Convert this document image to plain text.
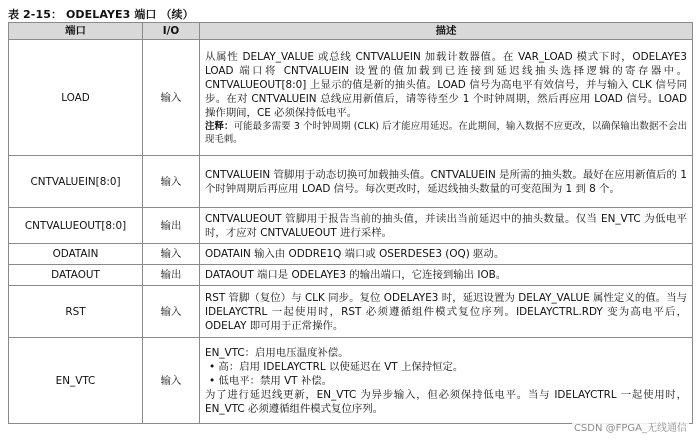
表 2-15： ODELAYE3 端口 （续）
端口	I/O	描述
LOAD	输入	从属性 DELAY_VALUE 或总线 CNTVALUEIN 加载计数器值。在 VAR_LOAD 模式下时，ODELAYE3 LOAD 端口将 CNTVALUEIN 设置的值加载到已连接到延迟线抽头选择逻辑的寄存器中。CNTVALUEOUT[8:0] 上显示的值是新的抽头值。LOAD 信号为高电平有效信号，并与输入 CLK 信号同步。在对 CNTVALUEIN 总线应用新值后，请等待至少 1 个时钟周期，然后再应用 LOAD 信号。LOAD 操作期间，CE 必须保持低电平。
注释：可能最多需要 3 个时钟周期 (CLK) 后才能应用延迟。在此期间，输入数据不应更改，以确保输出数据不会出现毛刺。

CNTVALUEIN[8:0]	输入	CNTVALUEIN 管脚用于动态切换可加载抽头值。CNTVALUEIN 是所需的抽头数。最好在应用新值后的 1 个时钟周期后再应用 LOAD 信号。每次更改时，延迟线抽头数量的可变范围为 1 到 8 个。
CNTVALUEOUT[8:0]	输出	CNTVALUEOUT 管脚用于报告当前的抽头值，并读出当前延迟中的抽头数量。仅当 EN_VTC 为低电平时，才应对 CNTVALUEOUT 进行采样。
ODATAIN	输入	ODATAIN 输入由 ODDRE1Q 端口或 OSERDESE3 (OQ) 驱动。
DATAOUT	输出	DATAOUT 端口是 ODELAYE3 的输出端口，它连接到输出 IOB。
RST	输入	RST 管脚（复位）与 CLK 同步。复位 ODELAYE3 时，延迟设置为 DELAY_VALUE 属性定义的值。当与 IDELAYCTRL 一起使用时，RST 必须遵循组件模式复位序列。IDELAYCTRL.RDY 变为高电平后，ODELAY 即可用于正常操作。
EN_VTC	输入	EN_VTC：启用电压温度补偿。
• 高：启用 IDELAYCTRL 以使延迟在 VT 上保持恒定。
• 低电平：禁用 VT 补偿。
为了进行延迟线更新，EN_VTC 为异步输入，但必须保持低电平。当与 IDELAYCTRL 一起使用时，EN_VTC 必须遵循组件模式复位序列。
CSDN @FPGA_无线通信
